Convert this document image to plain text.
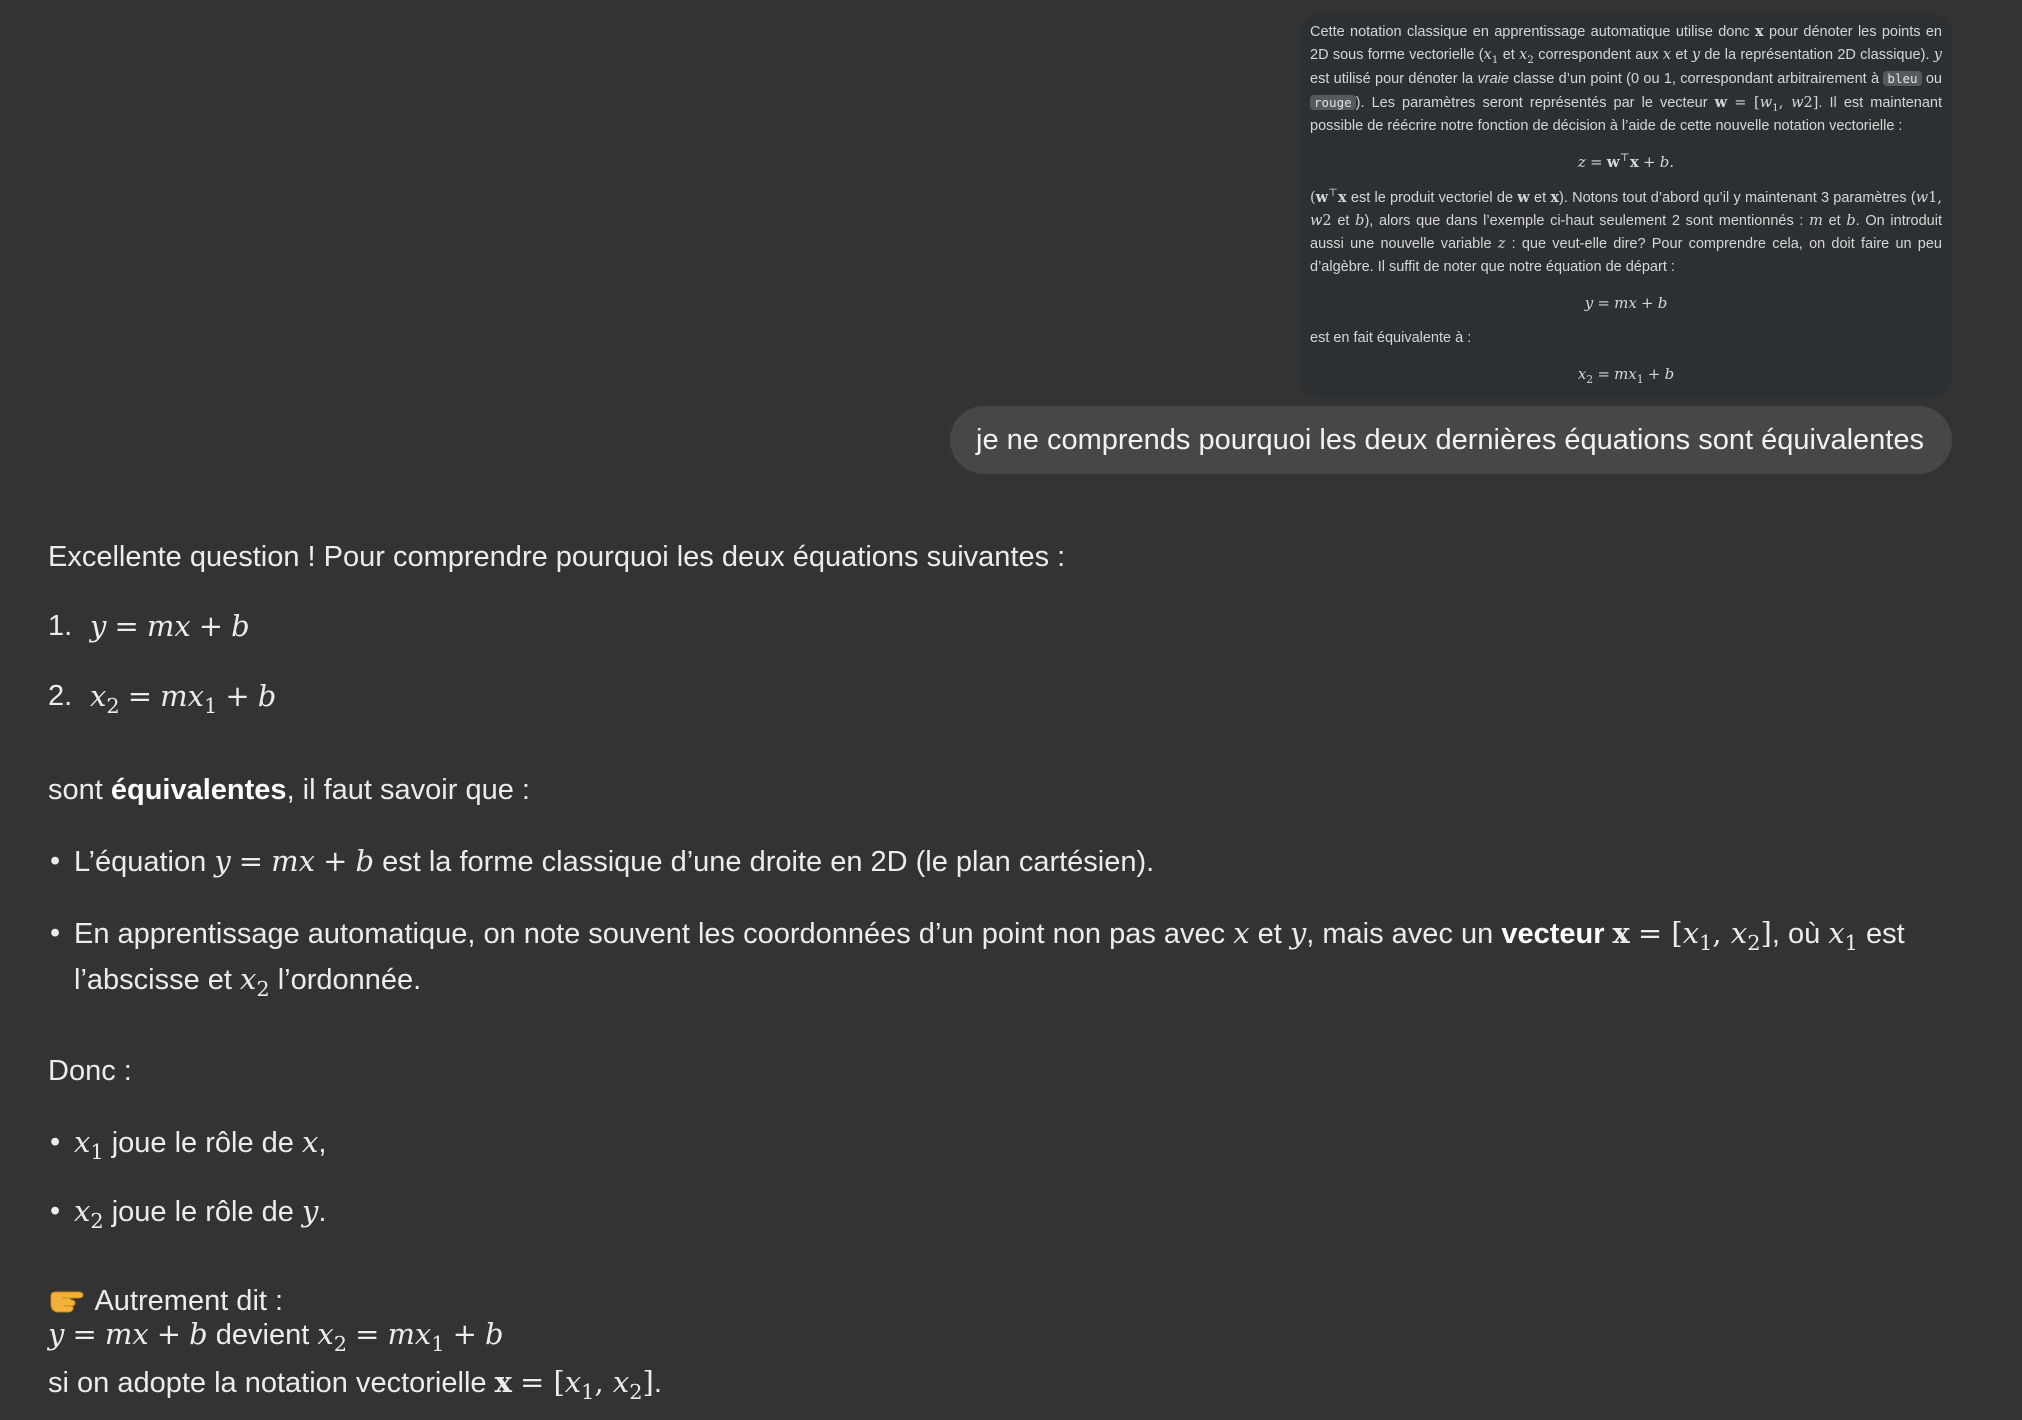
Cette notation classique en apprentissage automatique utilise donc x pour dénoter les points en 2D sous forme vectorielle ($x_1$ et $x_2$ correspondent aux x et y de la représentation 2D classique). y est utilisé pour dénoter la vraie classe d’un point (0 ou 1, correspondant arbitrairement à bleu ou rouge ). Les paramètres seront représentés par le vecteur $w = [w_1$, w2]. Il est maintenant possible de réécrire notre fonction de décision à l’aide de cette nouvelle notation vectorielle :

z = w⊤x + b.

(w⊤x est le produit vectoriel de w et x). Notons tout d’abord qu’il y maintenant 3 paramètres (w1, w2 et b), alors que dans l’exemple ci-haut seulement 2 sont mentionnés : m et b. On introduit aussi une nouvelle variable z : que veut-elle dire? Pour comprendre cela, on doit faire un peu d’algèbre. Il suffit de noter que notre équation de départ :

y = mx + b

est en fait équivalente à :

$x_2 = mx_1 + b$

je ne comprends pourquoi les deux dernières équations sont équivalentes

Excellente question ! Pour comprendre pourquoi les deux équations suivantes :

1. y = mx + b

2. $x_2 = mx_1 + b$

sont équivalentes, il faut savoir que :

• L’équation y = mx + b est la forme classique d’une droite en 2D (le plan cartésien).

• En apprentissage automatique, on note souvent les coordonnées d’un point non pas avec x et y, mais avec un vecteur $x = [x_1$, $x_2$], où $x_1$ est l’abscisse et $x_2$ l’ordonnée.

Donc :

• $x_1$ joue le rôle de x,

• $x_2$ joue le rôle de y.

Autrement dit :

y = mx + b devient $x_2 = mx_1 + b$

si on adopte la notation vectorielle $x = [x_1$, $x_2$].
